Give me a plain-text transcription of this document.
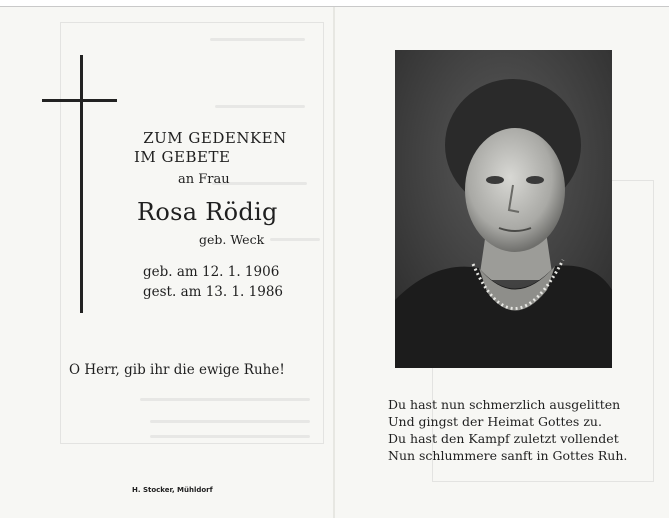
ZUM GEDENKEN
IM GEBETE
an Frau
Rosa Rödig
geb. Weck
geb. am 12. 1. 1906
gest. am 13. 1. 1986
O Herr, gib ihr die ewige Ruhe!
H. Stocker, Mühldorf
Du hast nun schmerzlich ausgelitten
Und gingst der Heimat Gottes zu.
Du hast den Kampf zuletzt vollendet
Nun schlummere sanft in Gottes Ruh.
